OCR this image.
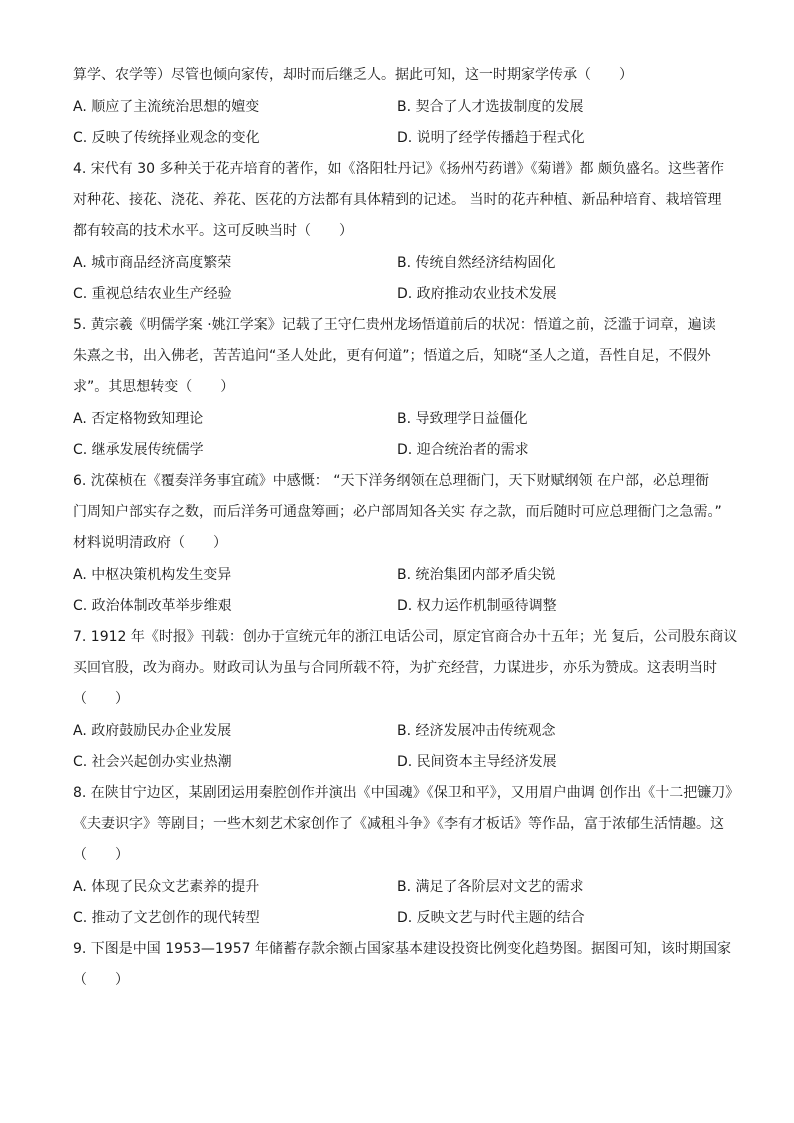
算学、农学等）尽管也倾向家传，却时而后继乏人。据此可知，这一时期家学传承（　　）
A. 顺应了主流统治思想的嬗变	B. 契合了人才选拔制度的发展
C. 反映了传统择业观念的变化	D. 说明了经学传播趋于程式化
4. 宋代有 30 多种关于花卉培育的著作，如《洛阳牡丹记》《扬州芍药谱》《菊谱》都 颇负盛名。这些著作
对种花、接花、浇花、养花、医花的方法都有具体精到的记述。 当时的花卉种植、新品种培育、栽培管理
都有较高的技术水平。这可反映当时（　　）
A. 城市商品经济高度繁荣	B. 传统自然经济结构固化
C. 重视总结农业生产经验	D. 政府推动农业技术发展
5. 黄宗羲《明儒学案 ·姚江学案》记载了王守仁贵州龙场悟道前后的状况：悟道之前，泛滥于词章，遍读
朱熹之书，出入佛老，苦苦追问“圣人处此，更有何道”；悟道之后，知晓“圣人之道，吾性自足，不假外
求”。其思想转变（　　）
A. 否定格物致知理论	B. 导致理学日益僵化
C. 继承发展传统儒学	D. 迎合统治者的需求
6. 沈葆桢在《覆奏洋务事宜疏》中感慨： “天下洋务纲领在总理衙门，天下财赋纲领 在户部，必总理衙
门周知户部实存之数，而后洋务可通盘筹画；必户部周知各关实 存之款，而后随时可应总理衙门之急需。”
材料说明清政府（　　）
A. 中枢决策机构发生变异	B. 统治集团内部矛盾尖锐
C. 政治体制改革举步维艰	D. 权力运作机制亟待调整
7. 1912 年《时报》刊载：创办于宣统元年的浙江电话公司，原定官商合办十五年；光 复后，公司股东商议
买回官股，改为商办。财政司认为虽与合同所载不符，为扩充经营，力谋进步，亦乐为赞成。这表明当时
（　　）
A. 政府鼓励民办企业发展	B. 经济发展冲击传统观念
C. 社会兴起创办实业热潮	D. 民间资本主导经济发展
8. 在陕甘宁边区，某剧团运用秦腔创作并演出《中国魂》《保卫和平》，又用眉户曲调 创作出《十二把镰刀》
《夫妻识字》等剧目；一些木刻艺术家创作了《减租斗争》《李有才板话》等作品，富于浓郁生活情趣。这
（　　）
A. 体现了民众文艺素养的提升	B. 满足了各阶层对文艺的需求
C. 推动了文艺创作的现代转型	D. 反映文艺与时代主题的结合
9. 下图是中国 1953—1957 年储蓄存款余额占国家基本建设投资比例变化趋势图。据图可知，该时期国家
（　　）
